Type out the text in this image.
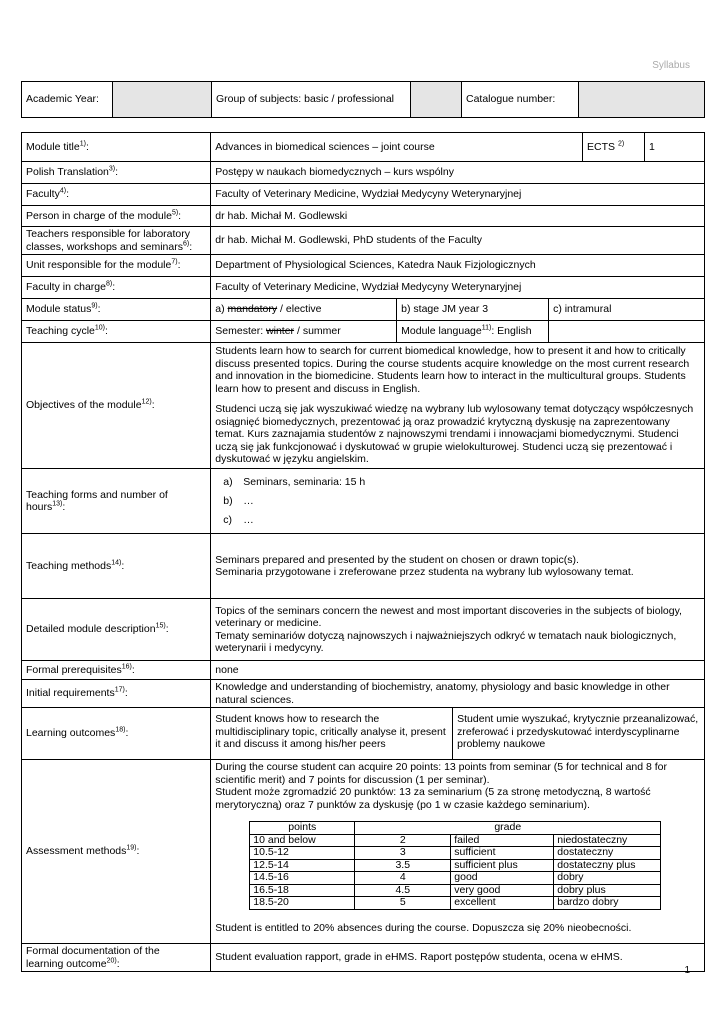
Syllabus
Academic Year:		Group of subjects: basic / professional		Catalogue number:	
Module title$^{1)}$:	Advances in biomedical sciences – joint course	ECTS $^{2)}$	1
Polish Translation$^{3)}$:	Postępy w naukach biomedycznych – kurs wspólny
Faculty$^{4)}$:	Faculty of Veterinary Medicine, Wydział Medycyny Weterynaryjnej
Person in charge of the module$^{5)}$:	dr hab. Michał M. Godlewski
Teachers responsible for laboratory
classes, workshops and seminars$^{6)}$:	dr hab. Michał M. Godlewski, PhD students of the Faculty
Unit responsible for the module$^{7)}$:	Department of Physiological Sciences, Katedra Nauk Fizjologicznych
Faculty in charge$^{8)}$:	Faculty of Veterinary Medicine, Wydział Medycyny Weterynaryjnej
Module status$^{9)}$:	a) mandatory / elective	b) stage JM year 3	c) intramural
Teaching cycle$^{10)}$:	Semester: winter / summer	Module language$^{11)}$: English	
Objectives of the module$^{12)}$:	

Students learn how to search for current biomedical knowledge, how to present it and how to critically discuss presented topics. During the course students acquire knowledge on the most current research and innovation in the biomedicine. Students learn how to interact in the multicultural groups. Students learn how to present and discuss in English.

Studenci uczą się jak wyszukiwać wiedzę na wybrany lub wylosowany temat dotyczący współczesnych osiągnięć biomedycznych, prezentować ją oraz prowadzić krytyczną dyskusję na zaprezentowany temat. Kurs zaznajamia studentów z najnowszymi trendami i innowacjami biomedycznymi. Studenci uczą się jak funkcjonować i dyskutować w grupie wielokulturowej. Studenci uczą się prezentować i dyskutować w języku angielskim.

Teaching forms and number of
hours$^{13)}$:	
a) Seminars, seminaria: 15 h
b) …
c) …

Teaching methods$^{14)}$:	
Seminars prepared and presented by the student on chosen or drawn topic(s).
Seminaria przygotowane i zreferowane przez studenta na wybrany lub wylosowany temat.

Detailed module description$^{15)}$:	
Topics of the seminars concern the newest and most important discoveries in the subjects of biology, veterinary or medicine.
Tematy seminariów dotyczą najnowszych i najważniejszych odkryć w tematach nauk biologicznych, weterynarii i medycyny.

Formal prerequisites$^{16)}$:	none
Initial requirements$^{17)}$:	Knowledge and understanding of biochemistry, anatomy, physiology and basic knowledge in other natural sciences.
Learning outcomes$^{18)}$:	Student knows how to research the multidisciplinary topic, critically analyse it, present it and discuss it among his/her peers	Student umie wyszukać, krytycznie przeanalizować, zreferować i przedyskutować interdyscyplinarne problemy naukowe
Assessment methods$^{19)}$:	
During the course student can acquire 20 points: 13 points from seminar (5 for technical and 8 for scientific merit) and 7 points for discussion (1 per seminar).
Student może zgromadzić 20 punktów: 13 za seminarium (5 za stronę metodyczną, 8 wartość merytoryczną) oraz 7 punktów za dyskusję (po 1 w czasie każdego seminarium).
points	grade
10 and below	2	failed	niedostateczny
10.5-12	3	sufficient	dostateczny
12.5-14	3.5	sufficient plus	dostateczny plus
14.5-16	4	good	dobry
16.5-18	4.5	very good	dobry plus
18.5-20	5	excellent	bardzo dobry
Student is entitled to 20% absences during the course. Dopuszcza się 20% nieobecności.

Formal documentation of the
learning outcome$^{20)}$:	Student evaluation rapport, grade in eHMS. Raport postępów studenta, ocena w eHMS.
1
